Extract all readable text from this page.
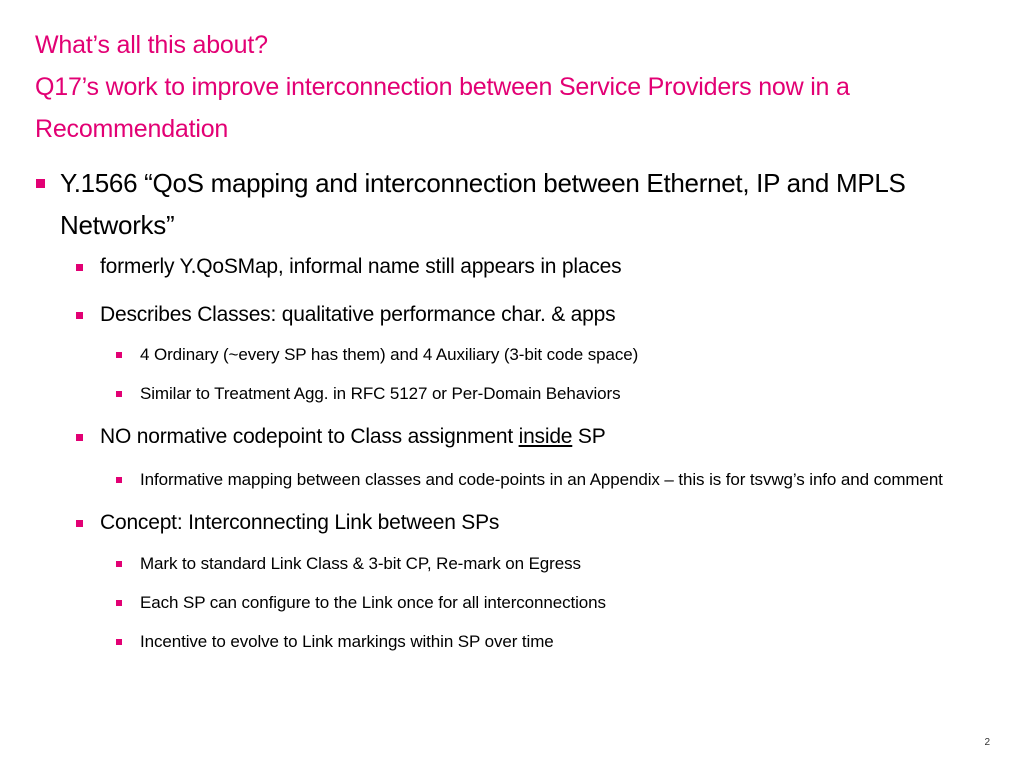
What’s all this about?
Q17’s work to improve interconnection between Service Providers now in a
Recommendation
Y.1566 “QoS mapping and interconnection between Ethernet, IP and MPLS Networks”
formerly Y.QoSMap, informal name still appears in places
Describes Classes: qualitative performance char. & apps
4 Ordinary (~every SP has them) and 4 Auxiliary (3-bit code space)
Similar to Treatment Agg. in RFC 5127 or Per-Domain Behaviors
NO normative codepoint to Class assignment inside SP
Informative mapping between classes and code-points in an Appendix – this is for tsvwg’s info and comment
Concept: Interconnecting Link between SPs
Mark to standard Link Class & 3-bit CP, Re-mark on Egress
Each SP can configure to the Link once for all interconnections
Incentive to evolve to Link markings within SP over time
2
